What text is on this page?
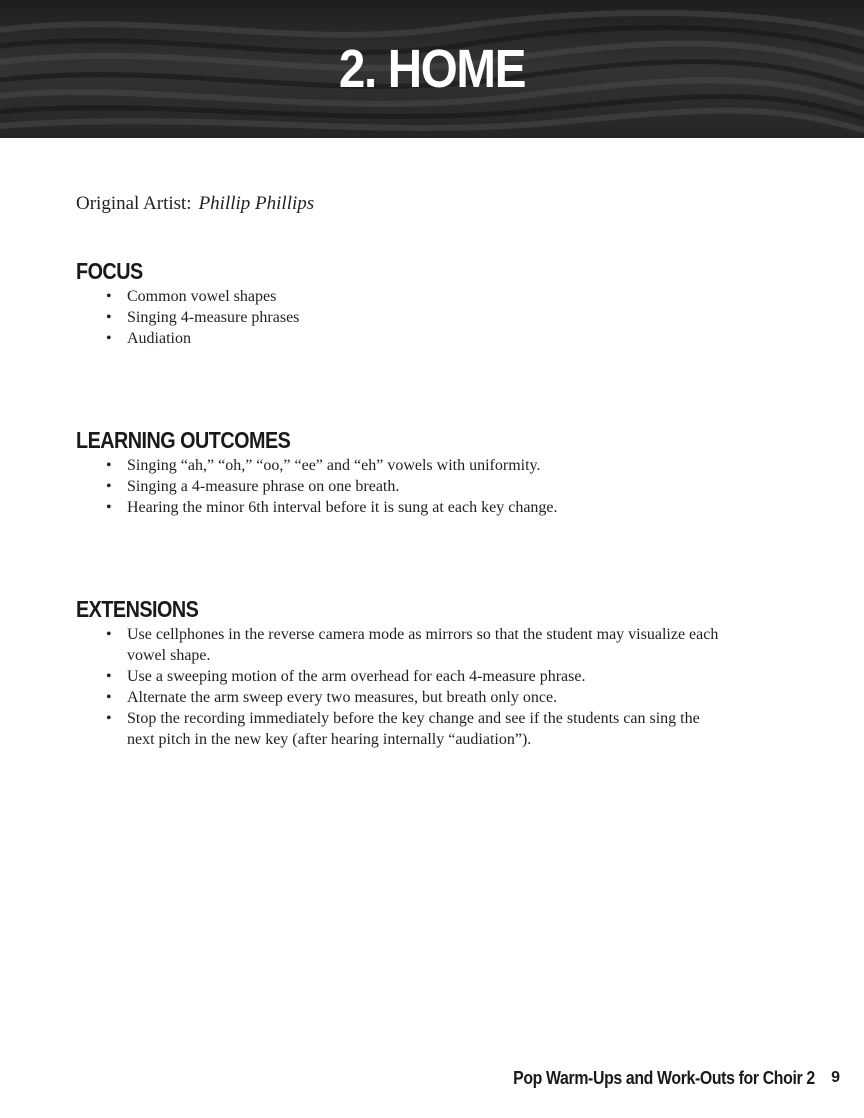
2. HOME

Original Artist: Phillip Phillips

FOCUS
• Common vowel shapes
• Singing 4-measure phrases
• Audiation
LEARNING OUTCOMES
• Singing “ah,” “oh,” “oo,” “ee” and “eh” vowels with uniformity.
• Singing a 4-measure phrase on one breath.
• Hearing the minor 6th interval before it is sung at each key change.
EXTENSIONS
• Use cellphones in the reverse camera mode as mirrors so that the student may visualize each vowel shape.
• Use a sweeping motion of the arm overhead for each 4-measure phrase.
• Alternate the arm sweep every two measures, but breath only once.
• Stop the recording immediately before the key change and see if the students can sing the next pitch in the new key (after hearing internally “audiation”).
Pop Warm-Ups and Work-Outs for Choir 2 9
